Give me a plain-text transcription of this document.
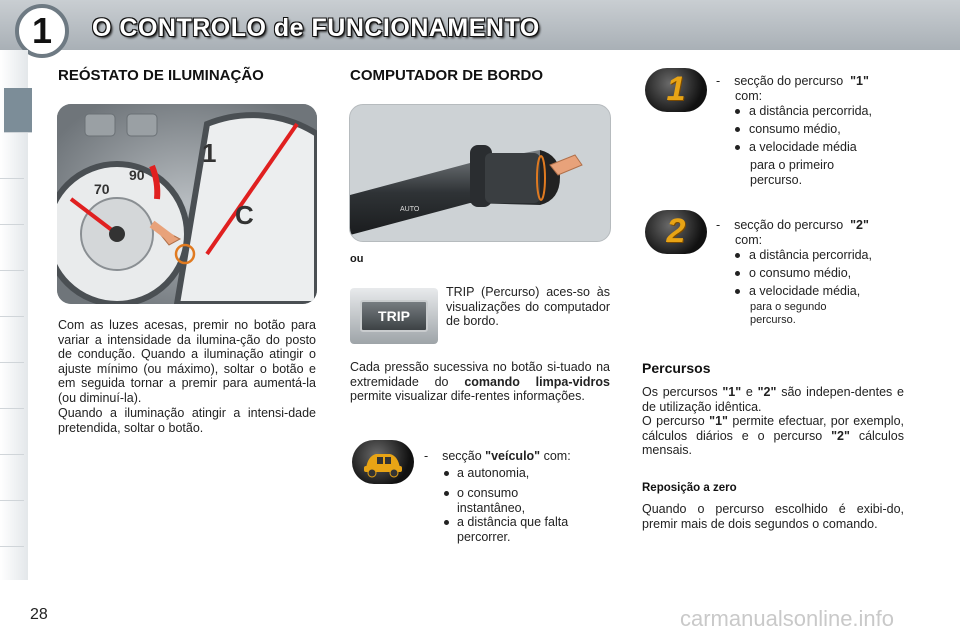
O CONTROLO de FUNCIONAMENTO
1
REÓSTATO DE ILUMINAÇÃO
70
90
1
C
Com as luzes acesas, premir no botão para variar a intensidade da ilumina-ção do posto de condução. Quando a iluminação atingir o ajuste mínimo (ou máximo), soltar o botão e em seguida tornar a premir para aumentá-la (ou diminuí-la).
Quando a iluminação atingir a intensi-dade pretendida, soltar o botão.
COMPUTADOR DE BORDO
AUTO
ou
TRIP
TRIP (Percurso) aces-so às visualizações do computador de bordo.
Cada pressão sucessiva no botão si-tuado na extremidade do comando limpa-vidros permite visualizar dife-rentes informações.
- secção "veículo" com:
a autonomia,
o consumo instantâneo,
a distância que falta percorrer.
1	- secção do percurso "1"
com:
a distância percorrida,
consumo médio,
a velocidade média
para o primeiro percurso.
2	- secção do percurso "2"
com:
a distância percorrida,
o consumo médio,
a velocidade média,
para o segundo percurso.
Percursos
Os percursos "1" e "2" são indepen-dentes e de utilização idêntica.
O percurso "1" permite efectuar, por exemplo, cálculos diários e o percurso "2" cálculos mensais.
Reposição a zero
Quando o percurso escolhido é exibi-do, premir mais de dois segundos o comando.
28	carmanualsonline.info
